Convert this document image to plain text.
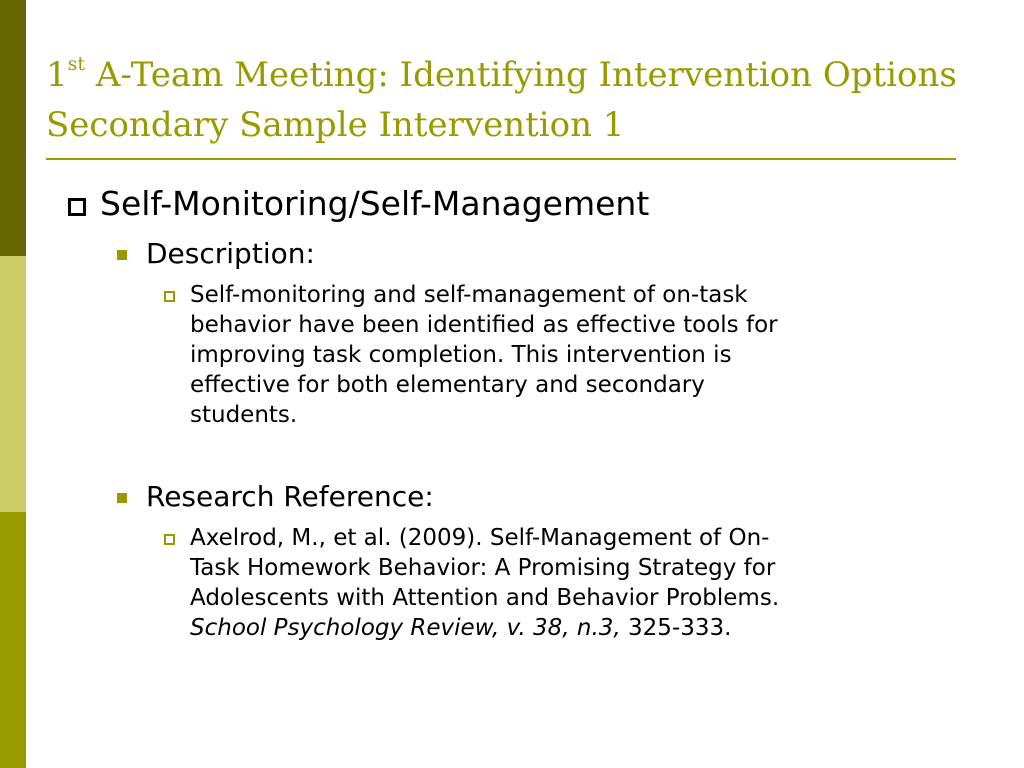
1st A-Team Meeting: Identifying Intervention Options
Secondary Sample Intervention 1
Self-Monitoring/Self-Management
Description:
Self-monitoring and self-management of on-task
behavior have been identified as effective tools for
improving task completion. This intervention is
effective for both elementary and secondary
students.
Research Reference:
Axelrod, M., et al. (2009). Self-Management of On-
Task Homework Behavior: A Promising Strategy for
Adolescents with Attention and Behavior Problems.
School Psychology Review, v. 38, n.3, 325-333.
